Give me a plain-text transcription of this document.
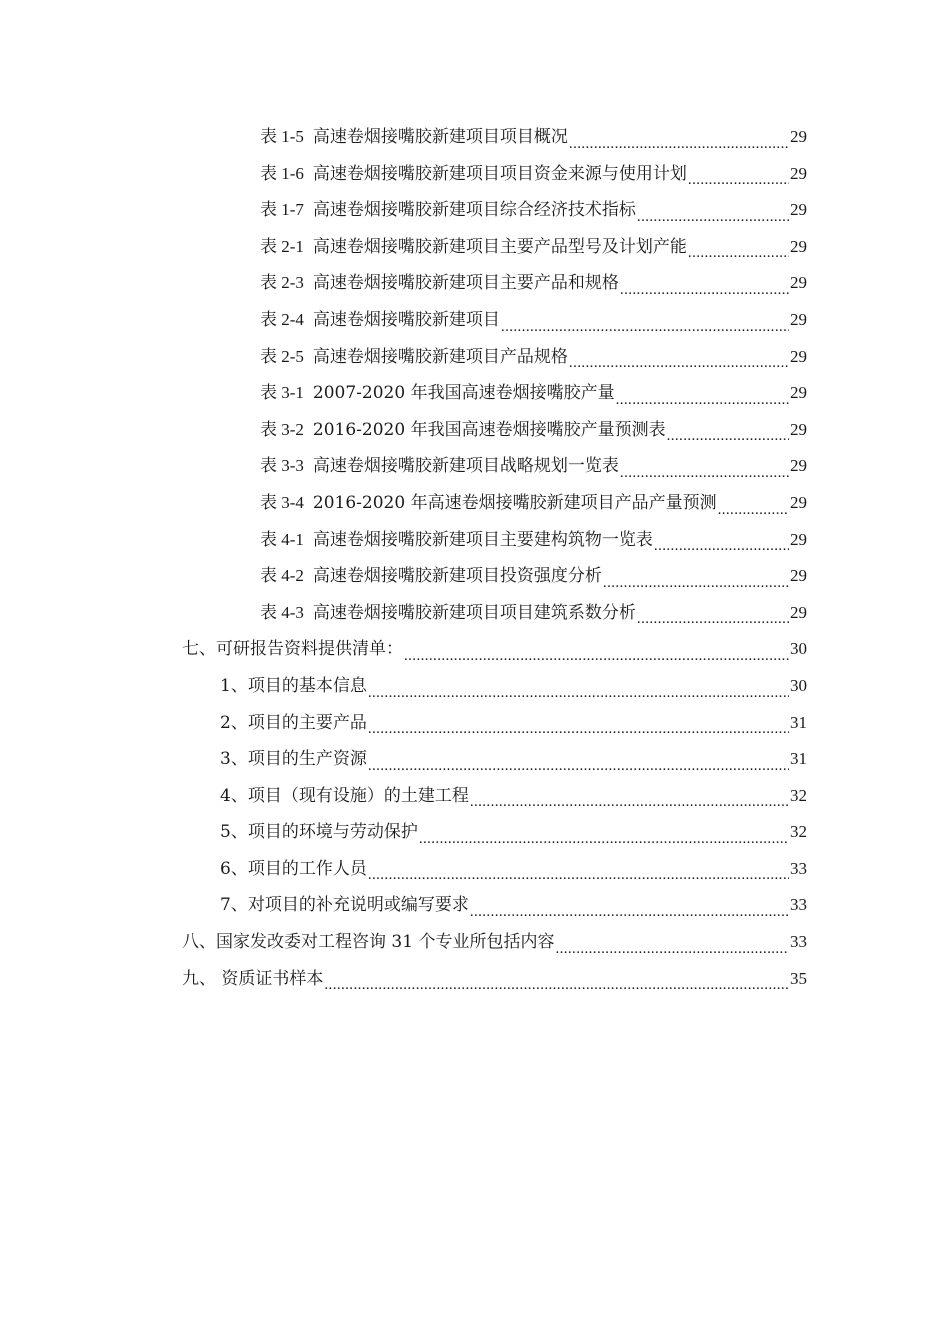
表 1-5 高速卷烟接嘴胶新建项目项目概况 .....	29
表 1-6 高速卷烟接嘴胶新建项目项目资金来源与使用计划 .....	29
表 1-7 高速卷烟接嘴胶新建项目综合经济技术指标 .....	29
表 2-1 高速卷烟接嘴胶新建项目主要产品型号及计划产能 .....	29
表 2-3 高速卷烟接嘴胶新建项目主要产品和规格 .....	29
表 2-4 高速卷烟接嘴胶新建项目 .....	29
表 2-5 高速卷烟接嘴胶新建项目产品规格 .....	29
表 3-1 2007-2020 年我国高速卷烟接嘴胶产量 .....	29
表 3-2 2016-2020 年我国高速卷烟接嘴胶产量预测表 .....	29
表 3-3 高速卷烟接嘴胶新建项目战略规划一览表 .....	29
表 3-4 2016-2020 年高速卷烟接嘴胶新建项目产品产量预测 .....	29
表 4-1 高速卷烟接嘴胶新建项目主要建构筑物一览表 .....	29
表 4-2 高速卷烟接嘴胶新建项目投资强度分析 .....	29
表 4-3 高速卷烟接嘴胶新建项目项目建筑系数分析 .....	29
七、可研报告资料提供清单： .....	30
1、项目的基本信息 .....	30
2、项目的主要产品 .....	31
3、项目的生产资源 .....	31
4、项目（现有设施）的土建工程 .....	32
5、项目的环境与劳动保护 .....	32
6、项目的工作人员 .....	33
7、对项目的补充说明或编写要求 .....	33
八、国家发改委对工程咨询 31 个专业所包括内容 .....	33
九、 资质证书样本 .....	35
